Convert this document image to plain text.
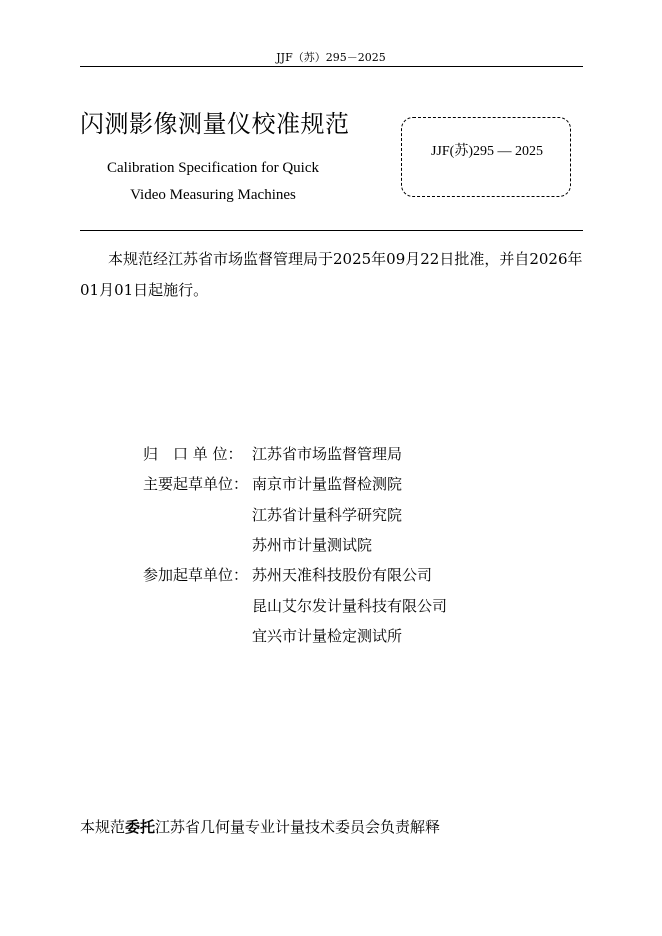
JJF（苏）295－2025
闪测影像测量仪校准规范
Calibration Specification for Quick
Video Measuring Machines
JJF(苏)295 — 2025
本规范经江苏省市场监督管理局于2025年09月22日批准，并自2026年
01月01日起施行。
归　口 单 位： 江苏省市场监督管理局
主要起草单位： 南京市计量监督检测院
江苏省计量科学研究院
苏州市计量测试院
参加起草单位： 苏州天准科技股份有限公司
昆山艾尔发计量科技有限公司
宜兴市计量检定测试所
本规范委托江苏省几何量专业计量技术委员会负责解释
